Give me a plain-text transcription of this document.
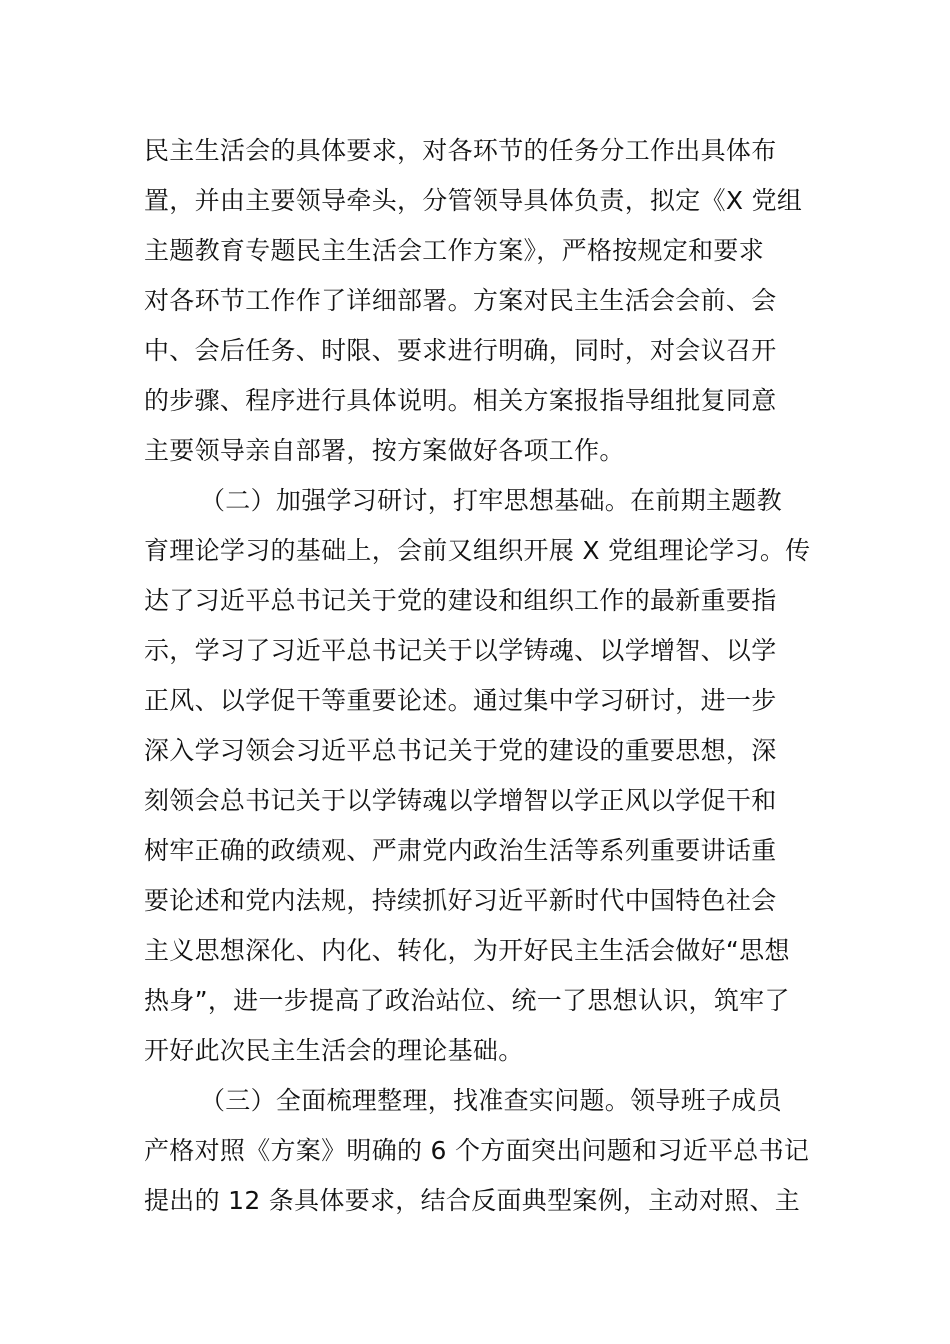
民主生活会的具体要求，对各环节的任务分工作出具体布
置，并由主要领导牵头，分管领导具体负责，拟定《X 党组
主题教育专题民主生活会工作方案》，严格按规定和要求
对各环节工作作了详细部署。方案对民主生活会会前、会
中、会后任务、时限、要求进行明确，同时，对会议召开
的步骤、程序进行具体说明。相关方案报指导组批复同意
主要领导亲自部署，按方案做好各项工作。
（二）加强学习研讨，打牢思想基础。在前期主题教
育理论学习的基础上，会前又组织开展 X 党组理论学习。传
达了习近平总书记关于党的建设和组织工作的最新重要指
示，学习了习近平总书记关于以学铸魂、以学增智、以学
正风、以学促干等重要论述。通过集中学习研讨，进一步
深入学习领会习近平总书记关于党的建设的重要思想，深
刻领会总书记关于以学铸魂以学增智以学正风以学促干和
树牢正确的政绩观、严肃党内政治生活等系列重要讲话重
要论述和党内法规，持续抓好习近平新时代中国特色社会
主义思想深化、内化、转化，为开好民主生活会做好“思想
热身”，进一步提高了政治站位、统一了思想认识，筑牢了
开好此次民主生活会的理论基础。
（三）全面梳理整理，找准查实问题。领导班子成员
产格对照《方案》明确的 6 个方面突出问题和习近平总书记
提出的 12 条具体要求，结合反面典型案例，主动对照、主
